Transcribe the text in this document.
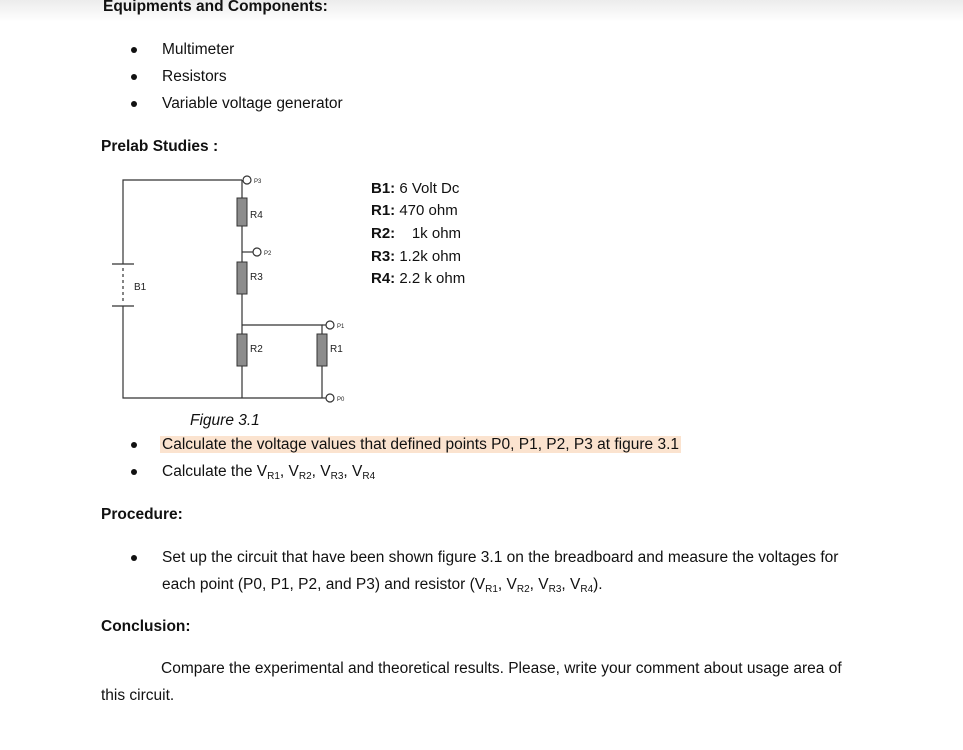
Equipments and Components:
Multimeter
Resistors
Variable voltage generator
Prelab Studies :
P3
R4
P2
R3
B1
P1
R2	R1
P0
B1: 6 Volt Dc
R1: 470 ohm
R2: 1k ohm
R3: 1.2k ohm
R4: 2.2 k ohm
Figure 3.1
Calculate the voltage values that defined points P0, P1, P2, P3 at figure 3.1
Calculate the $V_{R1}$, $V_{R2}$, $V_{R3}$, $V_{R4}$
Procedure:
Set up the circuit that have been shown figure 3.1 on the breadboard and measure the voltages for
each point (P0, P1, P2, and P3) and resistor ($V_{R1}$, $V_{R2}$, $V_{R3}$, $V_{R4}$).
Conclusion:
Compare the experimental and theoretical results. Please, write your comment about usage area of
this circuit.
